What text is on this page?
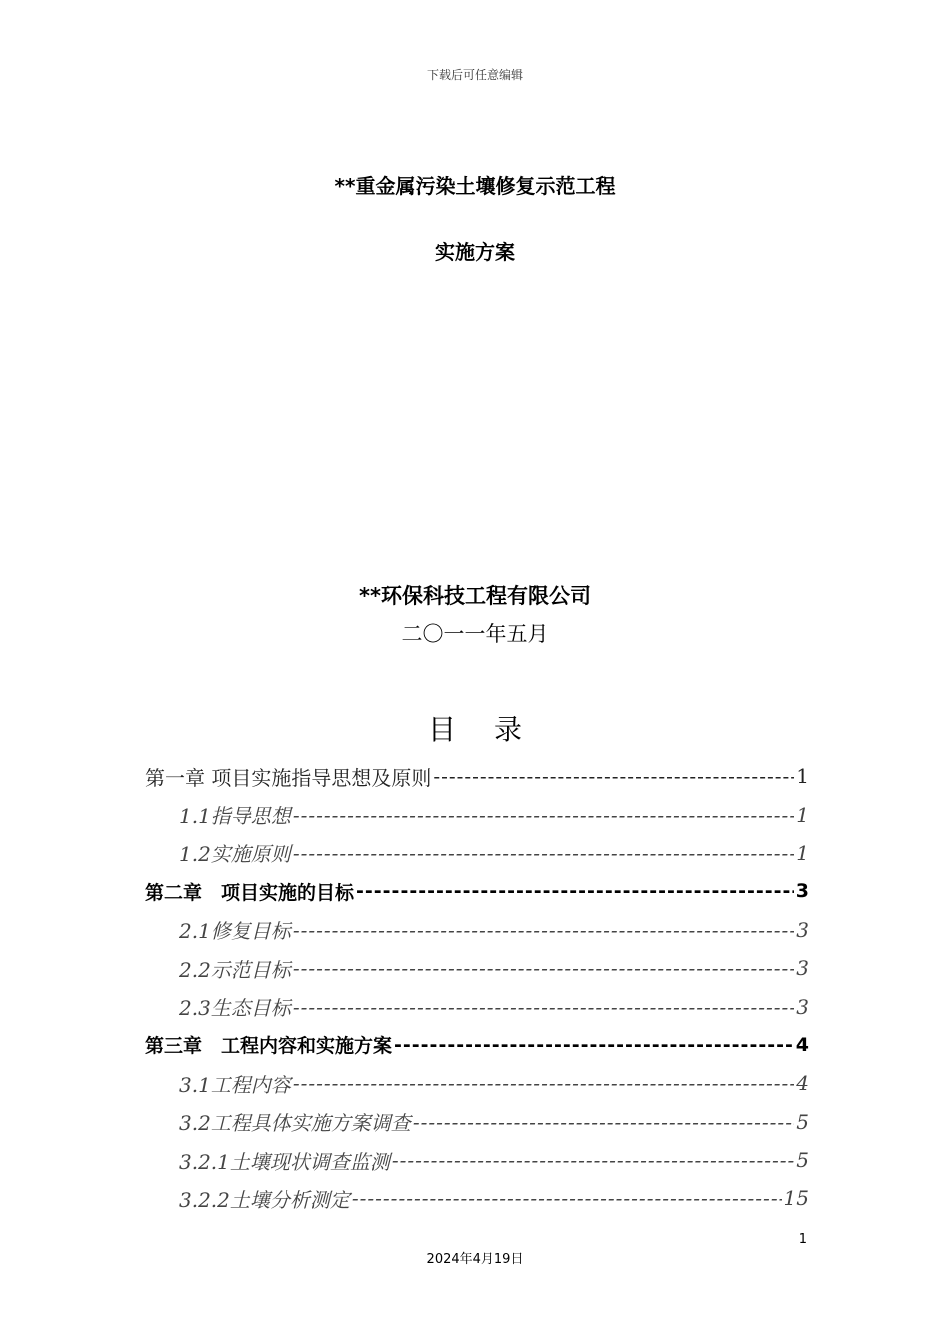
下载后可任意编辑
**重金属污染土壤修复示范工程
实施方案
**环保科技工程有限公司
二〇一一年五月
目录
第一章 项目实施指导思想及原则 -----	1
1.1指导思想 -----	1
1.2实施原则 -----	1
第二章　项目实施的目标 -----	3
2.1修复目标 -----	3
2.2示范目标 -----	3
2.3生态目标 -----	3
第三章　工程内容和实施方案 -----	4
3.1工程内容 -----	4
3.2工程具体实施方案调查 -----	5
3.2.1土壤现状调查监测 -----	5
3.2.2土壤分析测定 -----	15
1
2024年4月19日
